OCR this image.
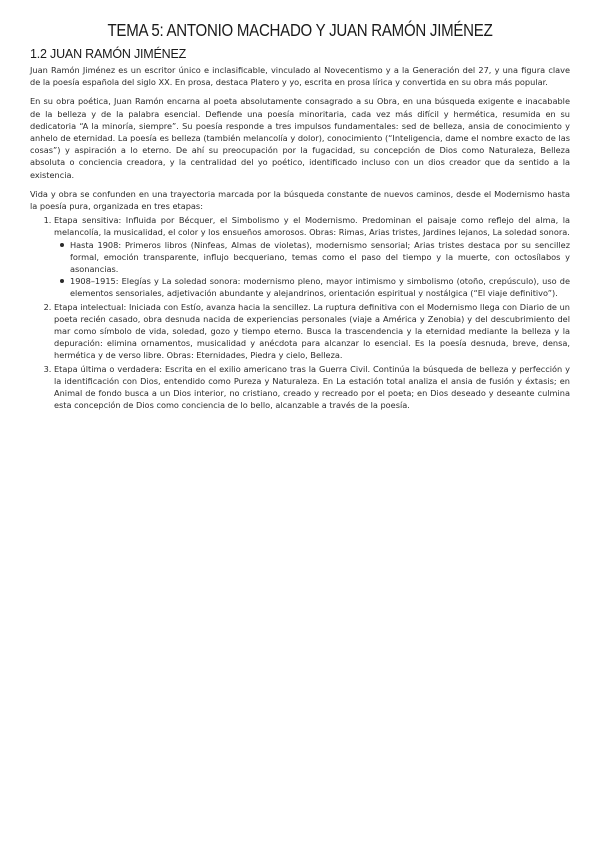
TEMA 5: ANTONIO MACHADO Y JUAN RAMÓN JIMÉNEZ
1.2 JUAN RAMÓN JIMÉNEZ

Juan Ramón Jiménez es un escritor único e inclasificable, vinculado al Novecentismo y a la Generación del 27, y una figura clave de la poesía española del siglo XX. En prosa, destaca Platero y yo, escrita en prosa lírica y convertida en su obra más popular.

En su obra poética, Juan Ramón encarna al poeta absolutamente consagrado a su Obra, en una búsqueda exigente e inacabable de la belleza y de la palabra esencial. Defiende una poesía minoritaria, cada vez más difícil y hermética, resumida en su dedicatoria “A la minoría, siempre”. Su poesía responde a tres impulsos fundamentales: sed de belleza, ansia de conocimiento y anhelo de eternidad. La poesía es belleza (también melancolía y dolor), conocimiento (“Inteligencia, dame el nombre exacto de las cosas”) y aspiración a lo eterno. De ahí su preocupación por la fugacidad, su concepción de Dios como Naturaleza, Belleza absoluta o conciencia creadora, y la centralidad del yo poético, identificado incluso con un dios creador que da sentido a la existencia.

Vida y obra se confunden en una trayectoria marcada por la búsqueda constante de nuevos caminos, desde el Modernismo hasta la poesía pura, organizada en tres etapas:

1. Etapa sensitiva: Influida por Bécquer, el Simbolismo y el Modernismo. Predominan el paisaje como reflejo del alma, la melancolía, la musicalidad, el color y los ensueños amorosos. Obras: Rimas, Arias tristes, Jardines lejanos, La soledad sonora.
Hasta 1908: Primeros libros (Ninfeas, Almas de violetas), modernismo sensorial; Arias tristes destaca por su sencillez formal, emoción transparente, influjo becqueriano, temas como el paso del tiempo y la muerte, con octosílabos y asonancias.
1908–1915: Elegías y La soledad sonora: modernismo pleno, mayor intimismo y simbolismo (otoño, crepúsculo), uso de elementos sensoriales, adjetivación abundante y alejandrinos, orientación espiritual y nostálgica (“El viaje definitivo”).
2. Etapa intelectual: Iniciada con Estío, avanza hacia la sencillez. La ruptura definitiva con el Modernismo llega con Diario de un poeta recién casado, obra desnuda nacida de experiencias personales (viaje a América y Zenobia) y del descubrimiento del mar como símbolo de vida, soledad, gozo y tiempo eterno. Busca la trascendencia y la eternidad mediante la belleza y la depuración: elimina ornamentos, musicalidad y anécdota para alcanzar lo esencial. Es la poesía desnuda, breve, densa, hermética y de verso libre. Obras: Eternidades, Piedra y cielo, Belleza.
3. Etapa última o verdadera: Escrita en el exilio americano tras la Guerra Civil. Continúa la búsqueda de belleza y perfección y la identificación con Dios, entendido como Pureza y Naturaleza. En La estación total analiza el ansia de fusión y éxtasis; en Animal de fondo busca a un Dios interior, no cristiano, creado y recreado por el poeta; en Dios deseado y deseante culmina esta concepción de Dios como conciencia de lo bello, alcanzable a través de la poesía.
